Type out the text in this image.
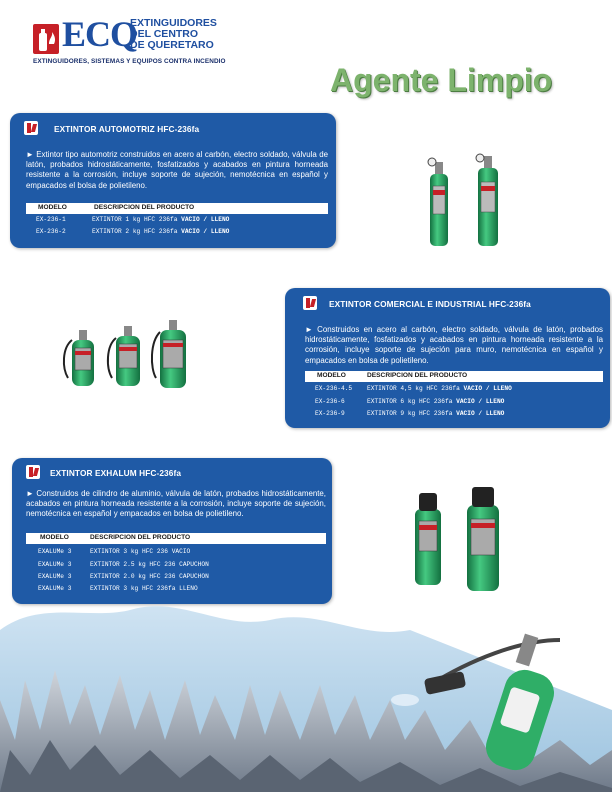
ECQ
EXTINGUIDORES
DEL CENTRO
DE QUERETARO
EXTINGUIDORES, SISTEMAS Y EQUIPOS CONTRA INCENDIO
Agente Limpio
EXTINTOR AUTOMOTRIZ HFC-236fa
► Extintor tipo automotriz construidos en acero al carbón, electro soldado, válvula de latón, probados hidrostáticamente, fosfatizados y acabados en pintura horneada resistente a la corrosión, incluye soporte de sujeción, nemotécnica en español y empacados el bolsa de polietileno.
MODELO	DESCRIPCION DEL PRODUCTO
EX-236-1	EXTINTOR 1 kg HFC 236fa VACIO / LLENO
EX-236-2	EXTINTOR 2 kg HFC 236fa VACIO / LLENO
EXTINTOR COMERCIAL E INDUSTRIAL HFC-236fa
► Construidos en acero al carbón, electro soldado, válvula de latón, probados hidrostáticamente, fosfatizados y acabados en pintura horneada resistente a la corrosión, incluye soporte de sujeción para muro, nemotécnica en español y empacados en bolsa de polietileno.
MODELO	DESCRIPCION DEL PRODUCTO
EX-236-4.5 EXTINTOR 4,5 kg HFC 236fa VACIO / LLENO
EX-236-6	EXTINTOR 6 kg HFC 236fa VACIO / LLENO
EX-236-9	EXTINTOR 9 kg HFC 236fa VACIO / LLENO
EXTINTOR EXHALUM HFC-236fa
► Construidos de cilindro de aluminio, válvula de latón, probados hidrostáticamente, acabados en pintura horneada resistente a la corrosión, incluye soporte de sujeción, nemotécnica en español y empacados en bolsa de polietileno.
MODELO	DESCRIPCION DEL PRODUCTO
EXALUMe 3	EXTINTOR 3 kg HFC 236 VACIO
EXALUMe 3	EXTINTOR 2.5 kg HFC 236 CAPUCHON
EXALUMe 3	EXTINTOR 2.0 kg HFC 236 CAPUCHON
EXALUMe 3	EXTINTOR 3 kg HFC 236fa LLENO
